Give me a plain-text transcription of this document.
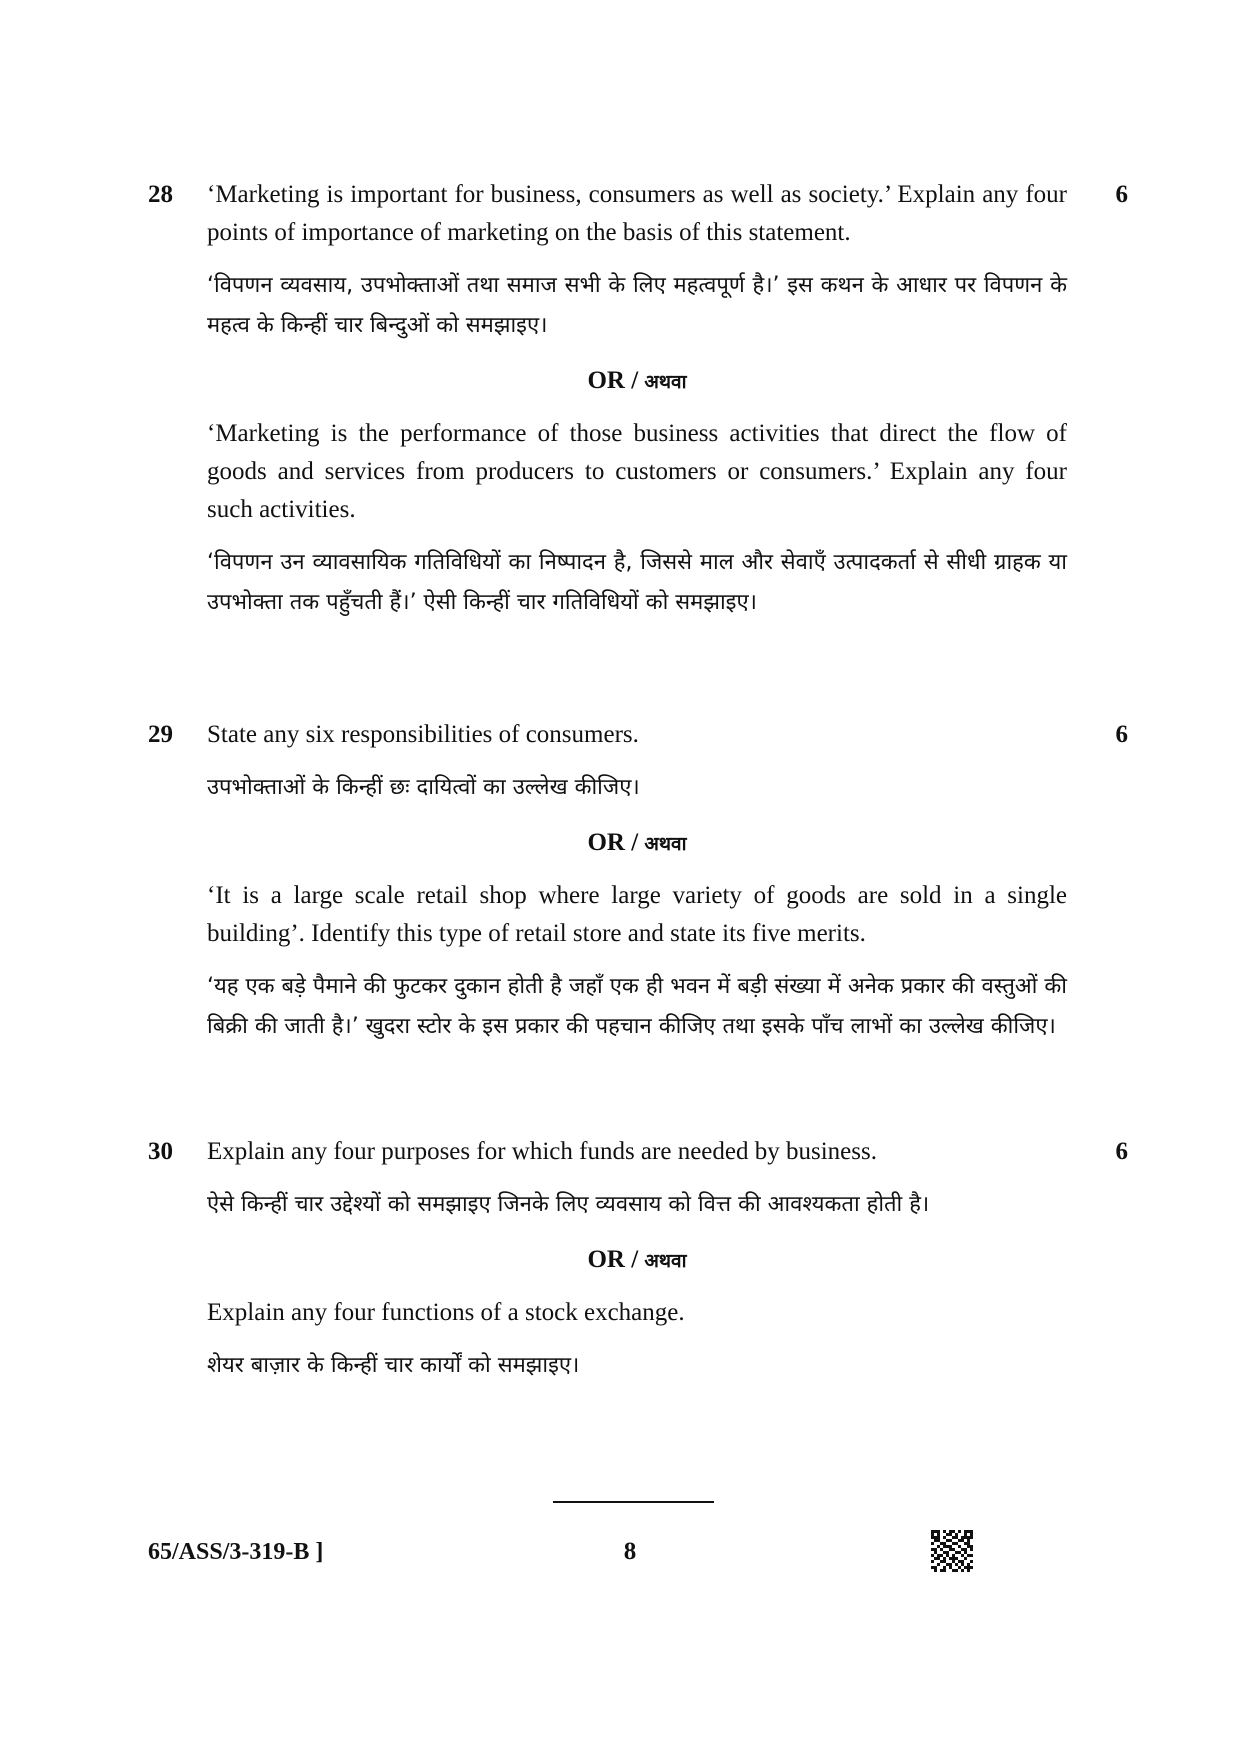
28	6

‘Marketing is important for business, consumers as well as society.’ Explain any four points of importance of marketing on the basis of this statement.

‘विपणन व्यवसाय, उपभोक्ताओं तथा समाज सभी के लिए महत्वपूर्ण है।’ इस कथन के आधार पर विपणन के महत्व के किन्हीं चार बिन्दुओं को समझाइए।

OR / अथवा

‘Marketing is the performance of those business activities that direct the flow of goods and services from producers to customers or consumers.’ Explain any four such activities.

‘विपणन उन व्यावसायिक गतिविधियों का निष्पादन है, जिससे माल और सेवाएँ उत्पादकर्ता से सीधी ग्राहक या उपभोक्ता तक पहुँचती हैं।’ ऐसी किन्हीं चार गतिविधियों को समझाइए।

29	6

State any six responsibilities of consumers.

उपभोक्ताओं के किन्हीं छः दायित्वों का उल्लेख कीजिए।

OR / अथवा

‘It is a large scale retail shop where large variety of goods are sold in a single building’. Identify this type of retail store and state its five merits.

‘यह एक बड़े पैमाने की फुटकर दुकान होती है जहाँ एक ही भवन में बड़ी संख्या में अनेक प्रकार की वस्तुओं की बिक्री की जाती है।’ खुदरा स्टोर के इस प्रकार की पहचान कीजिए तथा इसके पाँच लाभों का उल्लेख कीजिए।

30	6

Explain any four purposes for which funds are needed by business.

ऐसे किन्हीं चार उद्देश्यों को समझाइए जिनके लिए व्यवसाय को वित्त की आवश्यकता होती है।

OR / अथवा

Explain any four functions of a stock exchange.

शेयर बाज़ार के किन्हीं चार कार्यों को समझाइए।

65/ASS/3-319-B ]	8
